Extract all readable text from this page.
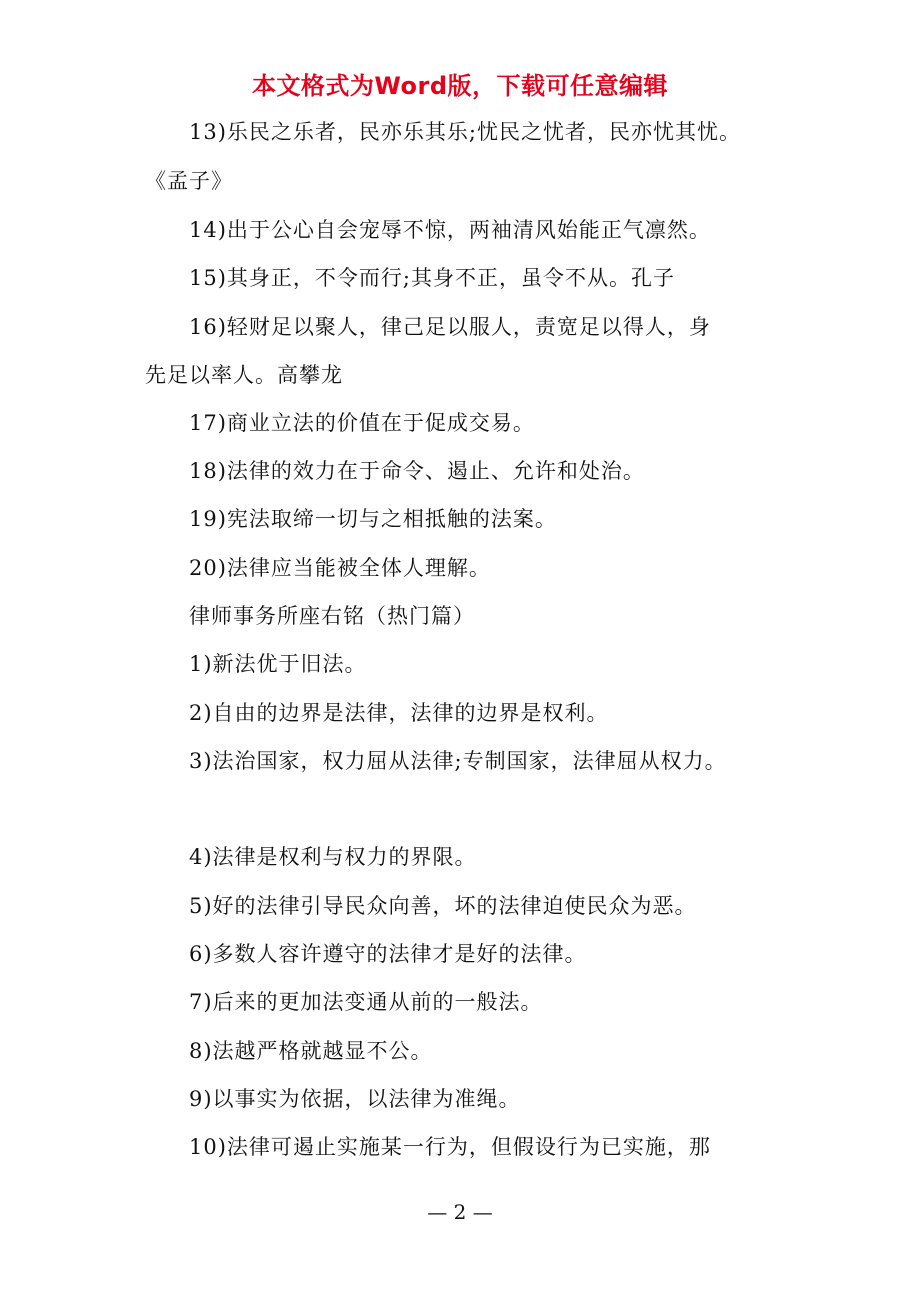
本文格式为Word版，下载可任意编辑
13)乐民之乐者，民亦乐其乐;忧民之忧者，民亦忧其忧。
《孟子》
14)出于公心自会宠辱不惊，两袖清风始能正气凛然。
15)其身正，不令而行;其身不正，虽令不从。孔子
16)轻财足以聚人，律己足以服人，责宽足以得人，身
先足以率人。高攀龙
17)商业立法的价值在于促成交易。
18)法律的效力在于命令、遏止、允许和处治。
19)宪法取缔一切与之相抵触的法案。
20)法律应当能被全体人理解。
律师事务所座右铭（热门篇）
1)新法优于旧法。
2)自由的边界是法律，法律的边界是权利。
3)法治国家，权力屈从法律;专制国家，法律屈从权力。
4)法律是权利与权力的界限。
5)好的法律引导民众向善，坏的法律迫使民众为恶。
6)多数人容许遵守的法律才是好的法律。
7)后来的更加法变通从前的一般法。
8)法越严格就越显不公。
9)以事实为依据，以法律为准绳。
10)法律可遏止实施某一行为，但假设行为已实施，那
— 2 —
